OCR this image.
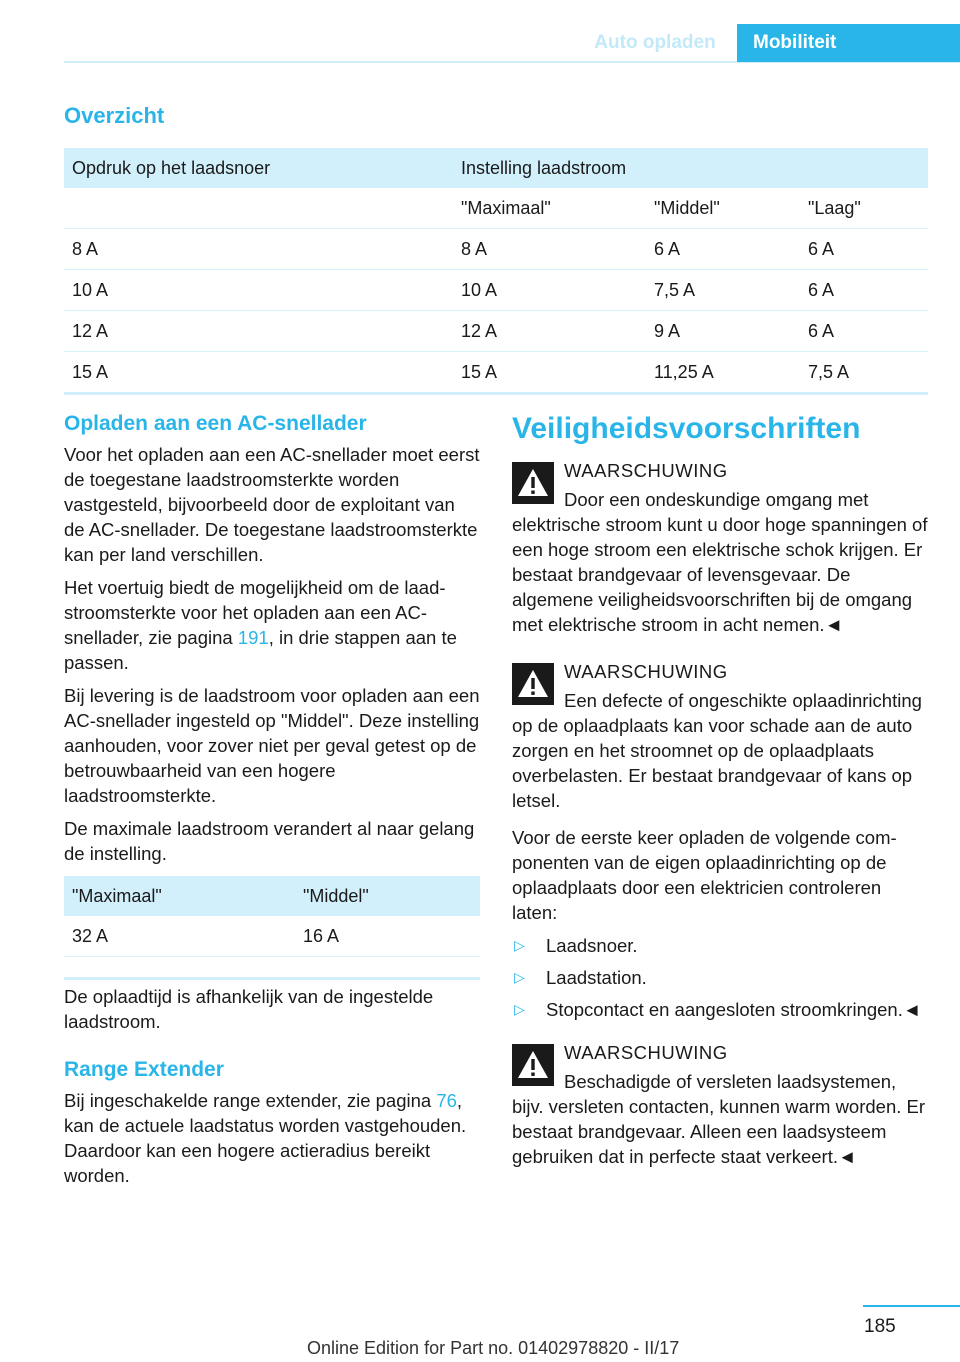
Auto opladen	Mobiliteit
Overzicht
Opdruk op het laadsnoer	Instelling laadstroom		
	"Maximaal"	"Middel"	"Laag"
8 A	8 A	6 A	6 A
10 A	10 A	7,5 A	6 A
12 A	12 A	9 A	6 A
15 A	15 A	11,25 A	7,5 A
Opladen aan een AC-snellader

Voor het opladen aan een AC-snellader moet eerst de toegestane laadstroomsterkte worden vastgesteld, bijvoorbeeld door de exploitant van de AC-snellader. De toegestane laadstroomsterkte kan per land verschillen.

Het voertuig biedt de mogelijkheid om de laadstroomsterkte voor het opladen aan een AC-snellader, zie pagina 191, in drie stappen aan te passen.

Bij levering is de laadstroom voor opladen aan een AC-snellader ingesteld op "Middel". Deze instelling aanhouden, voor zover niet per geval getest op de betrouwbaarheid van een hogere laadstroomsterkte.

De maximale laadstroom verandert al naar gelang de instelling.

"Maximaal"	"Middel"
32 A	16 A

De oplaadtijd is afhankelijk van de ingestelde laadstroom.

Range Extender

Bij ingeschakelde range extender, zie pagina 76, kan de actuele laadstatus worden vastgehouden. Daardoor kan een hogere actieradius bereikt worden.

Veiligheidsvoorschriften
WAARSCHUWING

Door een ondeskundige omgang met elektrische stroom kunt u door hoge spanningen of een hoge stroom een elektrische schok krijgen. Er bestaat brandgevaar of levensgevaar. De algemene veiligheidsvoorschriften bij de omgang met elektrische stroom in acht nemen.◄

WAARSCHUWING

Een defecte of ongeschikte oplaadinrichting op de oplaadplaats kan voor schade aan de auto zorgen en het stroomnet op de oplaadplaats overbelasten. Er bestaat brandgevaar of kans op letsel.

Voor de eerste keer opladen de volgende componenten van de eigen oplaadinrichting op de oplaadplaats door een elektricien controleren laten:

▷ Laadsnoer.
▷ Laadstation.
▷ Stopcontact en aangesloten stroomkringen.◄
WAARSCHUWING

Beschadigde of versleten laadsystemen, bijv. versleten contacten, kunnen warm worden. Er bestaat brandgevaar. Alleen een laadsysteem gebruiken dat in perfecte staat verkeert.◄

185
Online Edition for Part no. 01402978820 - II/17
